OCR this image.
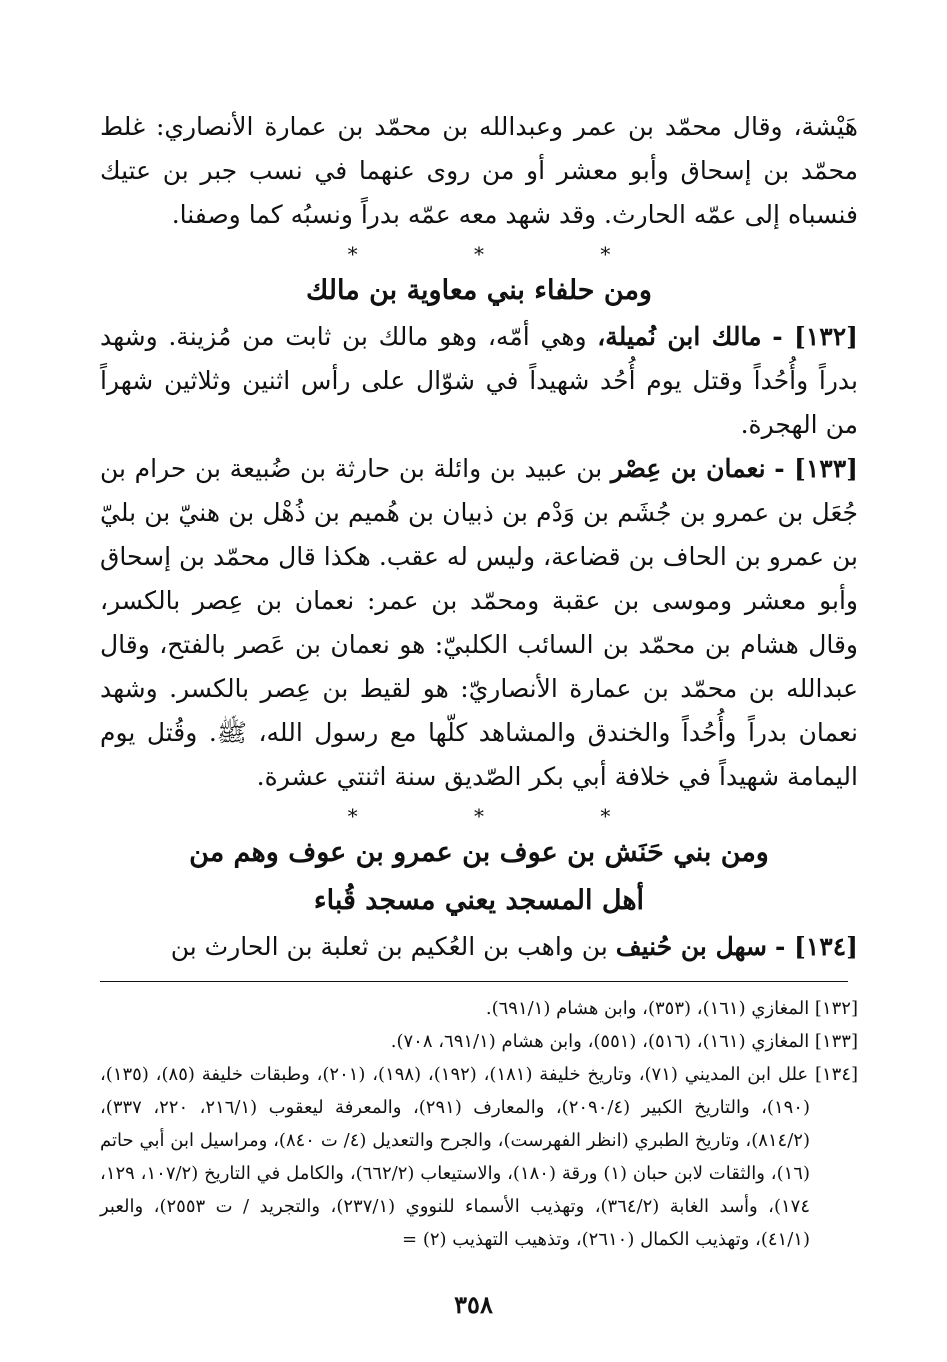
هَيْشة، وقال محمّد بن عمر وعبدالله بن محمّد بن عمارة الأنصاري: غلط محمّد بن إسحاق وأبو معشر أو من روى عنهما في نسب جبر بن عتيك فنسباه إلى عمّه الحارث. وقد شهد معه عمّه بدراً ونسبُه كما وصفنا.

* * *
ومن حلفاء بني معاوية بن مالك

[١٣٢] - مالك ابن نُميلة، وهي أمّه، وهو مالك بن ثابت من مُزينة. وشهد بدراً وأُحُداً وقتل يوم أُحُد شهيداً في شوّال على رأس اثنين وثلاثين شهراً من الهجرة.

[١٣٣] - نعمان بن عِصْر بن عبيد بن وائلة بن حارثة بن ضُبيعة بن حرام بن جُعَل بن عمرو بن جُشَم بن وَدْم بن ذبيان بن هُميم بن ذُهْل بن هنيّ بن بليّ بن عمرو بن الحاف بن قضاعة، وليس له عقب. هكذا قال محمّد بن إسحاق وأبو معشر وموسى بن عقبة ومحمّد بن عمر: نعمان بن عِصر بالكسر، وقال هشام بن محمّد بن السائب الكلبيّ: هو نعمان بن عَصر بالفتح، وقال عبدالله بن محمّد بن عمارة الأنصاريّ: هو لقيط بن عِصر بالكسر. وشهد نعمان بدراً وأُحُداً والخندق والمشاهد كلّها مع رسول الله، ﷺ. وقُتل يوم اليمامة شهيداً في خلافة أبي بكر الصّديق سنة اثنتي عشرة.

* * *
ومن بني حَنَش بن عوف بن عمرو بن عوف وهم من
أهل المسجد يعني مسجد قُباء

[١٣٤] - سهل بن حُنيف بن واهب بن العُكيم بن ثعلبة بن الحارث بن

[١٣٢] المغازي (١٦١)، (٣٥٣)، وابن هشام (٦٩١/١).

[١٣٣] المغازي (١٦١)، (٥١٦)، (٥٥١)، وابن هشام (٦٩١/١، ٧٠٨).

[١٣٤] علل ابن المديني (٧١)، وتاريخ خليفة (١٨١)، (١٩٢)، (١٩٨)، (٢٠١)، وطبقات خليفة (٨٥)، (١٣٥)، (١٩٠)، والتاريخ الكبير (٢٠٩٠/٤)، والمعارف (٢٩١)، والمعرفة ليعقوب (٢١٦/١، ٢٢٠، ٣٣٧)، (٨١٤/٢)، وتاريخ الطبري (انظر الفهرست)، والجرح والتعديل (٤/ ت ٨٤٠)، ومراسيل ابن أبي حاتم (١٦)، والثقات لابن حبان (١) ورقة (١٨٠)، والاستيعاب (٦٦٢/٢)، والكامل في التاريخ (١٠٧/٢، ١٢٩، ١٧٤)، وأسد الغابة (٣٦٤/٢)، وتهذيب الأسماء للنووي (٢٣٧/١)، والتجريد / ت ٢٥٥٣)، والعبر (٤١/١)، وتهذيب الكمال (٢٦١٠)، وتذهيب التهذيب (٢) =

٣٥٨
